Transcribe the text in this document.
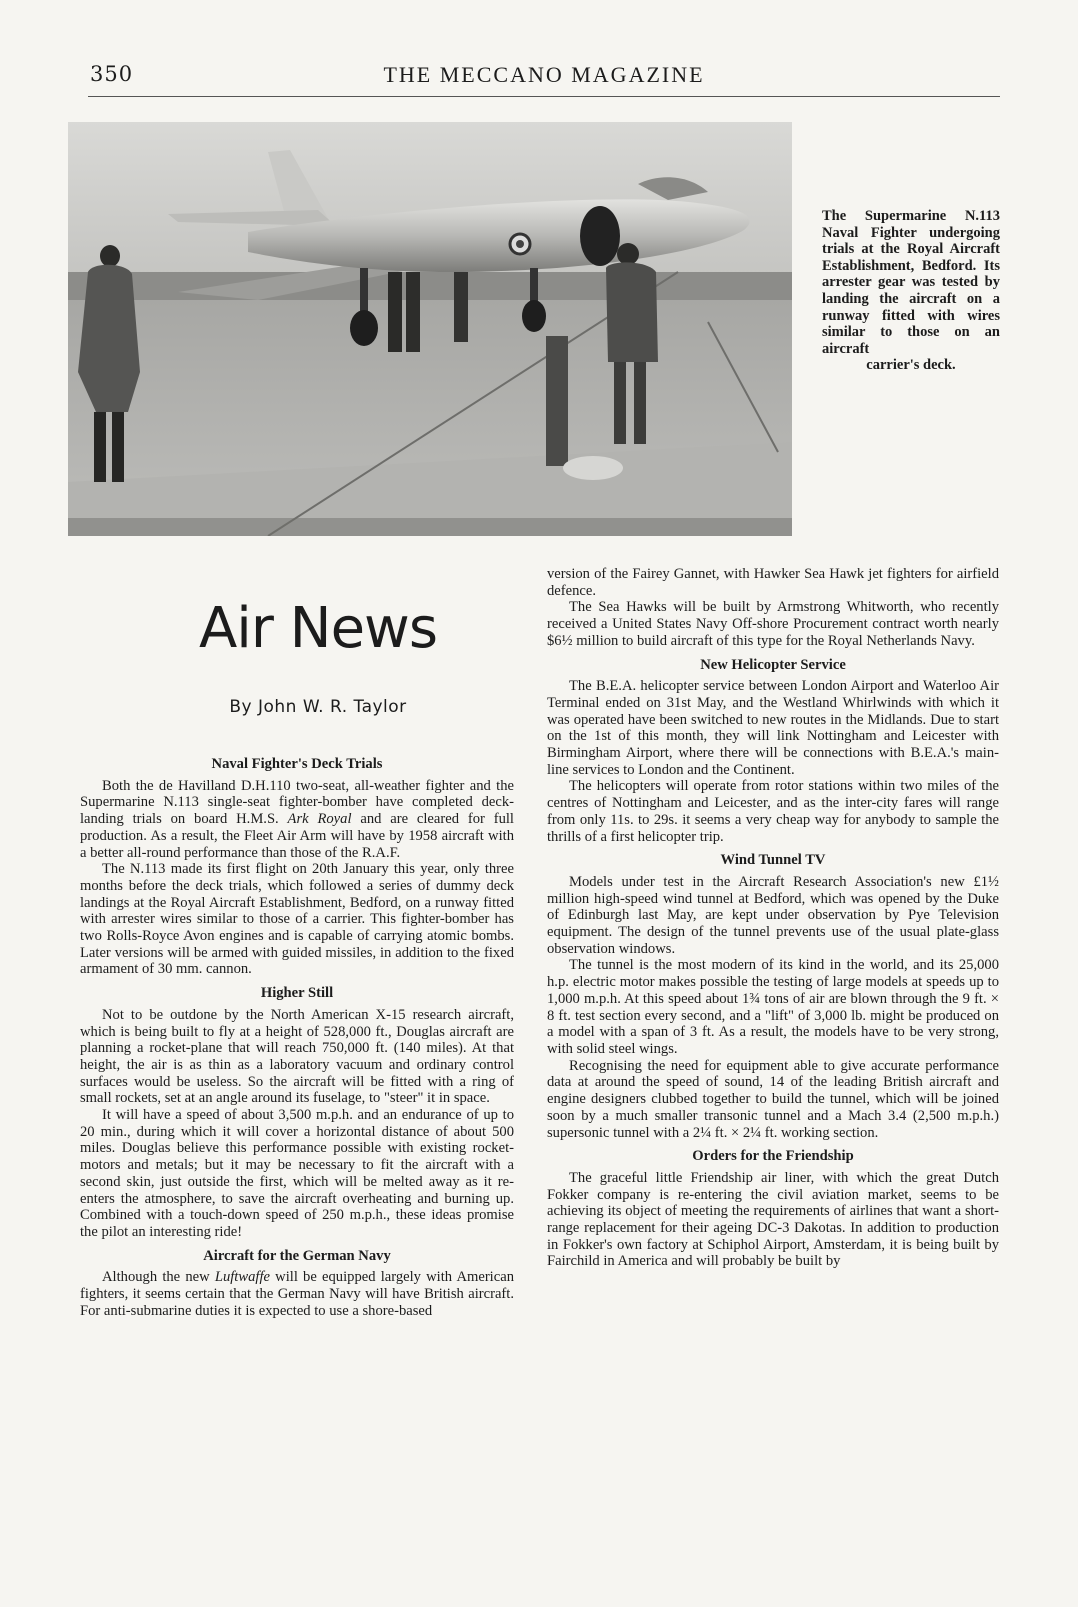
350	THE MECCANO MAGAZINE
The Supermarine N.113 Naval Fighter undergoing trials at the Royal Aircraft Establishment, Bedford. Its arrester gear was tested by landing the aircraft on a runway fitted with wires similar to those on an aircraft
carrier's deck.
Air News
By John W. R. Taylor
Naval Fighter's Deck Trials

Both the de Havilland D.H.110 two-seat, all-weather fighter and the Supermarine N.113 single-seat fighter-bomber have completed deck-landing trials on board H.M.S. Ark Royal and are cleared for full production. As a result, the Fleet Air Arm will have by 1958 aircraft with a better all-round performance than those of the R.A.F.

The N.113 made its first flight on 20th January this year, only three months before the deck trials, which followed a series of dummy deck landings at the Royal Aircraft Establishment, Bedford, on a runway fitted with arrester wires similar to those of a carrier. This fighter-bomber has two Rolls-Royce Avon engines and is capable of carrying atomic bombs. Later versions will be armed with guided missiles, in addition to the fixed armament of 30 mm. cannon.

Higher Still

Not to be outdone by the North American X-15 research aircraft, which is being built to fly at a height of 528,000 ft., Douglas aircraft are planning a rocket-plane that will reach 750,000 ft. (140 miles). At that height, the air is as thin as a laboratory vacuum and ordinary control surfaces would be useless. So the aircraft will be fitted with a ring of small rockets, set at an angle around its fuselage, to "steer" it in space.

It will have a speed of about 3,500 m.p.h. and an endurance of up to 20 min., during which it will cover a horizontal distance of about 500 miles. Douglas believe this performance possible with existing rocket-motors and metals; but it may be necessary to fit the aircraft with a second skin, just outside the first, which will be melted away as it re-enters the atmosphere, to save the aircraft overheating and burning up. Combined with a touch-down speed of 250 m.p.h., these ideas promise the pilot an interesting ride!

Aircraft for the German Navy

Although the new Luftwaffe will be equipped largely with American fighters, it seems certain that the German Navy will have British aircraft. For anti-submarine duties it is expected to use a shore-based

version of the Fairey Gannet, with Hawker Sea Hawk jet fighters for airfield defence.

The Sea Hawks will be built by Armstrong Whitworth, who recently received a United States Navy Off-shore Procurement contract worth nearly $6½ million to build aircraft of this type for the Royal Netherlands Navy.

New Helicopter Service

The B.E.A. helicopter service between London Airport and Waterloo Air Terminal ended on 31st May, and the Westland Whirlwinds with which it was operated have been switched to new routes in the Midlands. Due to start on the 1st of this month, they will link Nottingham and Leicester with Birmingham Airport, where there will be connections with B.E.A.'s main-line services to London and the Continent.

The helicopters will operate from rotor stations within two miles of the centres of Nottingham and Leicester, and as the inter-city fares will range from only 11s. to 29s. it seems a very cheap way for anybody to sample the thrills of a first helicopter trip.

Wind Tunnel TV

Models under test in the Aircraft Research Association's new £1½ million high-speed wind tunnel at Bedford, which was opened by the Duke of Edinburgh last May, are kept under observation by Pye Television equipment. The design of the tunnel prevents use of the usual plate-glass observation windows.

The tunnel is the most modern of its kind in the world, and its 25,000 h.p. electric motor makes possible the testing of large models at speeds up to 1,000 m.p.h. At this speed about 1¾ tons of air are blown through the 9 ft. × 8 ft. test section every second, and a "lift" of 3,000 lb. might be produced on a model with a span of 3 ft. As a result, the models have to be very strong, with solid steel wings.

Recognising the need for equipment able to give accurate performance data at around the speed of sound, 14 of the leading British aircraft and engine designers clubbed together to build the tunnel, which will be joined soon by a much smaller transonic tunnel and a Mach 3.4 (2,500 m.p.h.) supersonic tunnel with a 2¼ ft. × 2¼ ft. working section.

Orders for the Friendship

The graceful little Friendship air liner, with which the great Dutch Fokker company is re-entering the civil aviation market, seems to be achieving its object of meeting the requirements of airlines that want a short-range replacement for their ageing DC-3 Dakotas. In addition to production in Fokker's own factory at Schiphol Airport, Amsterdam, it is being built by Fairchild in America and will probably be built by
